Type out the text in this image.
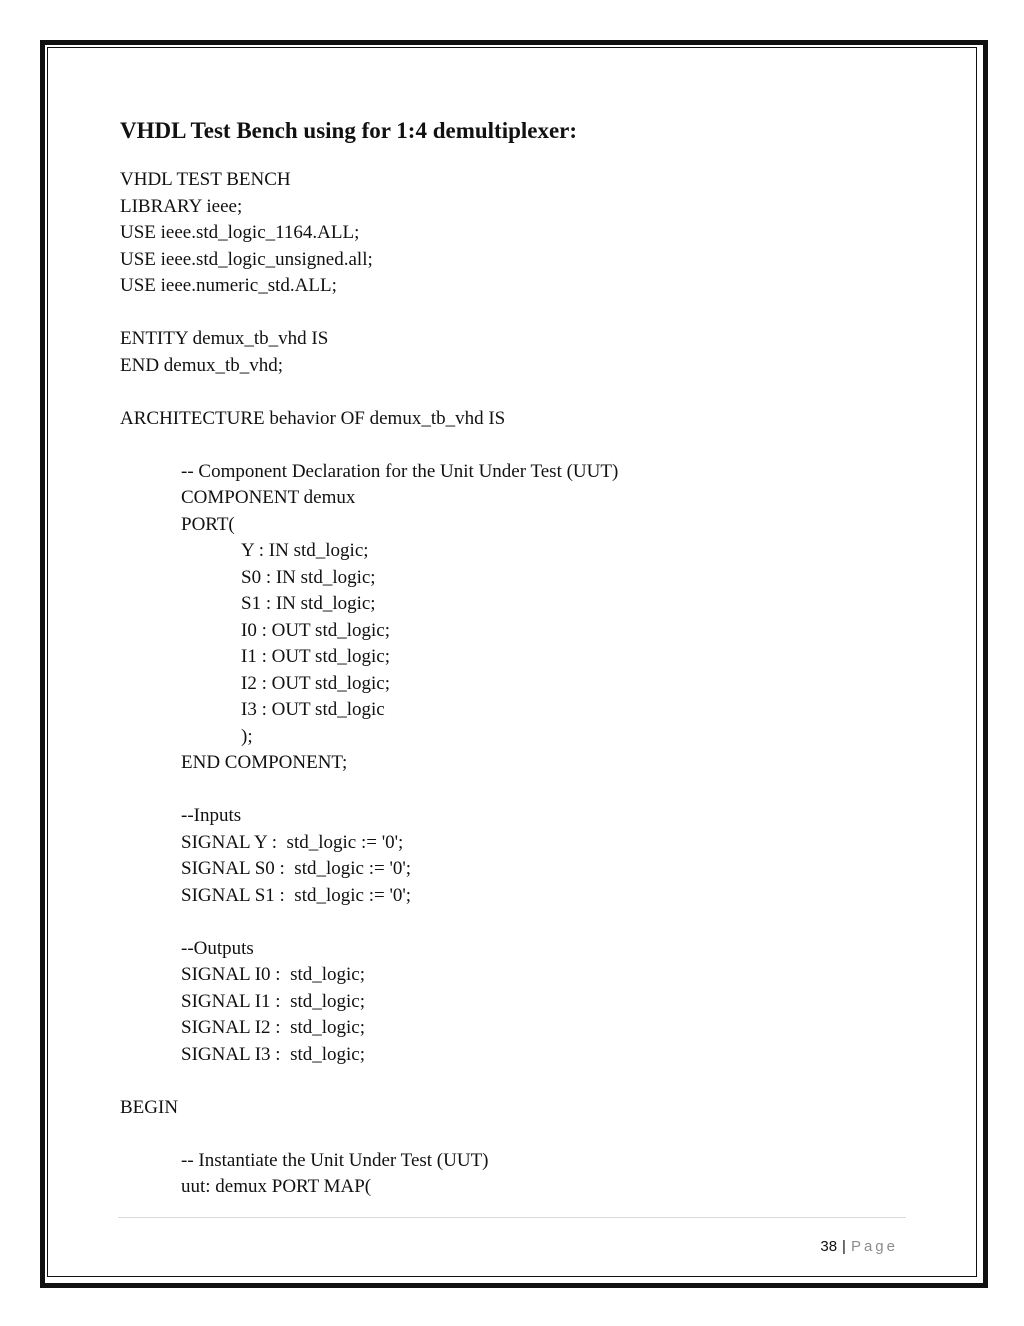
VHDL Test Bench using for 1:4 demultiplexer:
VHDL TEST BENCH
LIBRARY ieee;
USE ieee.std_logic_1164.ALL;
USE ieee.std_logic_unsigned.all;
USE ieee.numeric_std.ALL;
ENTITY demux_tb_vhd IS
END demux_tb_vhd;
ARCHITECTURE behavior OF demux_tb_vhd IS
-- Component Declaration for the Unit Under Test (UUT)
COMPONENT demux
PORT(
Y : IN std_logic;
S0 : IN std_logic;
S1 : IN std_logic;
I0 : OUT std_logic;
I1 : OUT std_logic;
I2 : OUT std_logic;
I3 : OUT std_logic
);
END COMPONENT;
--Inputs
SIGNAL Y :  std_logic := '0';
SIGNAL S0 :  std_logic := '0';
SIGNAL S1 :  std_logic := '0';
--Outputs
SIGNAL I0 :  std_logic;
SIGNAL I1 :  std_logic;
SIGNAL I2 :  std_logic;
SIGNAL I3 :  std_logic;
BEGIN
-- Instantiate the Unit Under Test (UUT)
uut: demux PORT MAP(

38 | Page
